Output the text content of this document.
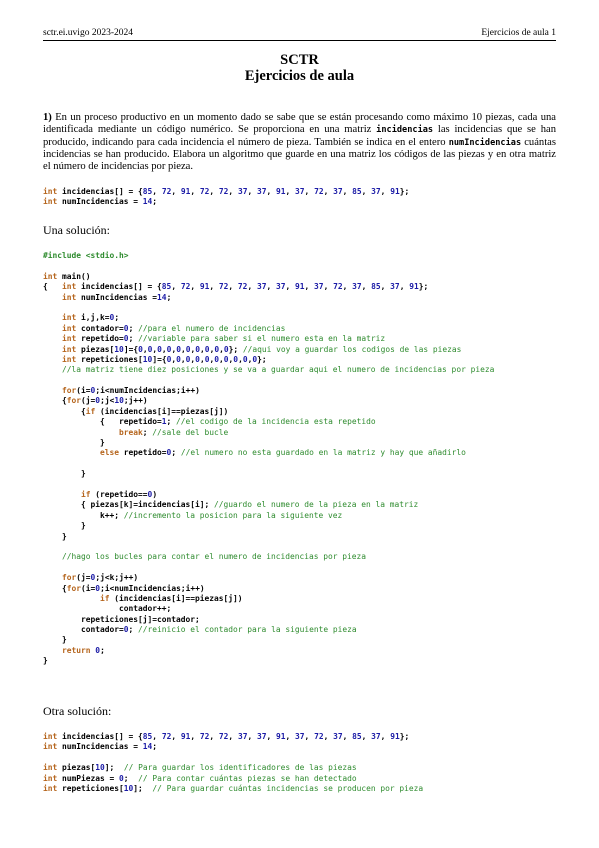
sctr.ei.uvigo 2023-2024	Ejercicios de aula 1
SCTR
Ejercicios de aula
1) En un proceso productivo en un momento dado se sabe que se están procesando como máximo 10 piezas, cada una identificada mediante un código numérico. Se proporciona en una matriz incidencias las incidencias que se han producido, indicando para cada incidencia el número de pieza. También se indica en el entero numIncidencias cuántas incidencias se han producido. Elabora un algoritmo que guarde en una matriz los códigos de las piezas y en otra matriz el número de incidencias por pieza.
int incidencias[] = {85, 72, 91, 72, 72, 37, 37, 91, 37, 72, 37, 85, 37, 91};
int numIncidencias = 14;
Una solución:
#include <stdio.h>
int main()
{   int incidencias[] = {85, 72, 91, 72, 72, 37, 37, 91, 37, 72, 37, 85, 37, 91};
int numIncidencias =14;
int i,j,k=0;
int contador=0; //para el numero de incidencias
int repetido=0; //variable para saber si el numero esta en la matriz
int piezas[10]={0,0,0,0,0,0,0,0,0,0}; //aqui voy a guardar los codigos de las piezas
int repeticiones[10]={0,0,0,0,0,0,0,0,0,0};
//la matriz tiene diez posiciones y se va a guardar aqui el numero de incidencias por pieza
for(i=0;i<numIncidencias;i++)
{for(j=0;j<10;j++)
{if (incidencias[i]==piezas[j])
{   repetido=1; //el codigo de la incidencia esta repetido
break; //sale del bucle
}
else repetido=0; //el numero no esta guardado en la matriz y hay que añadirlo
}
if (repetido==0)
{ piezas[k]=incidencias[i]; //guardo el numero de la pieza en la matriz
k++; //incremento la posicion para la siguiente vez
}
}
//hago los bucles para contar el numero de incidencias por pieza
for(j=0;j<k;j++)
{for(i=0;i<numIncidencias;i++)
if (incidencias[i]==piezas[j])
contador++;
repeticiones[j]=contador;
contador=0; //reinicio el contador para la siguiente pieza
}
return 0;
}
Otra solución:
int incidencias[] = {85, 72, 91, 72, 72, 37, 37, 91, 37, 72, 37, 85, 37, 91};
int numIncidencias = 14;
int piezas[10];  // Para guardar los identificadores de las piezas
int numPiezas = 0;  // Para contar cuántas piezas se han detectado
int repeticiones[10];  // Para guardar cuántas incidencias se producen por pieza
